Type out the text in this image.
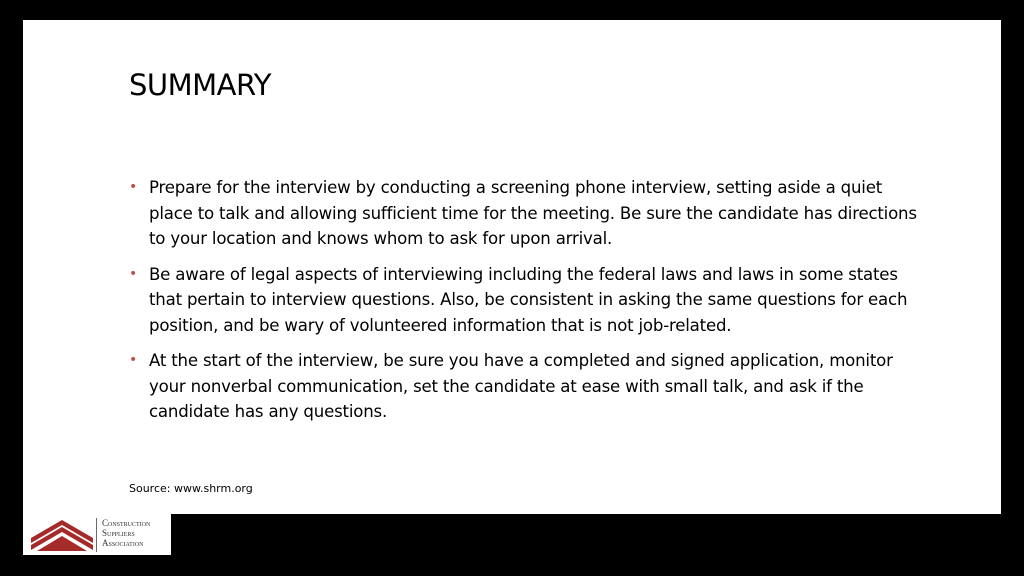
SUMMARY
• Prepare for the interview by conducting a screening phone interview, setting aside a quiet place to talk and allowing sufficient time for the meeting. Be sure the candidate has directions to your location and knows whom to ask for upon arrival.
• Be aware of legal aspects of interviewing including the federal laws and laws in some states that pertain to interview questions. Also, be consistent in asking the same questions for each position, and be wary of volunteered information that is not job-related.
• At the start of the interview, be sure you have a completed and signed application, monitor your nonverbal communication, set the candidate at ease with small talk, and ask if the candidate has any questions.
Source: www.shrm.org
Construction
Suppliers
Association
